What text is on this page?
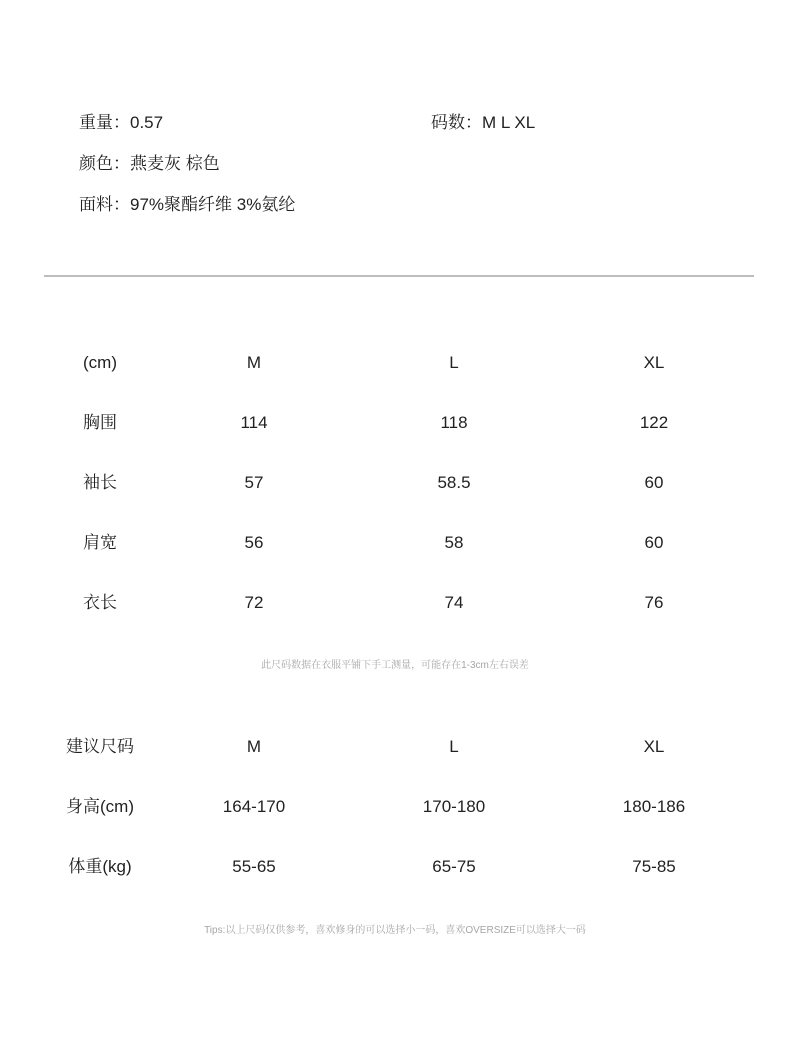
重量：0.57	码数：M L XL
颜色：燕麦灰 棕色
面料：97%聚酯纤维 3%氨纶
(cm)	M	L	XL
胸围	114	118	122
袖长	57	58.5	60
肩宽	56	58	60
衣长	72	74	76
此尺码数据在衣服平铺下手工测量，可能存在1-3cm左右误差
建议尺码	M	L	XL
身高(cm)	164-170	170-180	180-186
体重(kg)	55-65	65-75	75-85
Tips:以上尺码仅供参考，喜欢修身的可以选择小一码，喜欢OVERSIZE可以选择大一码
